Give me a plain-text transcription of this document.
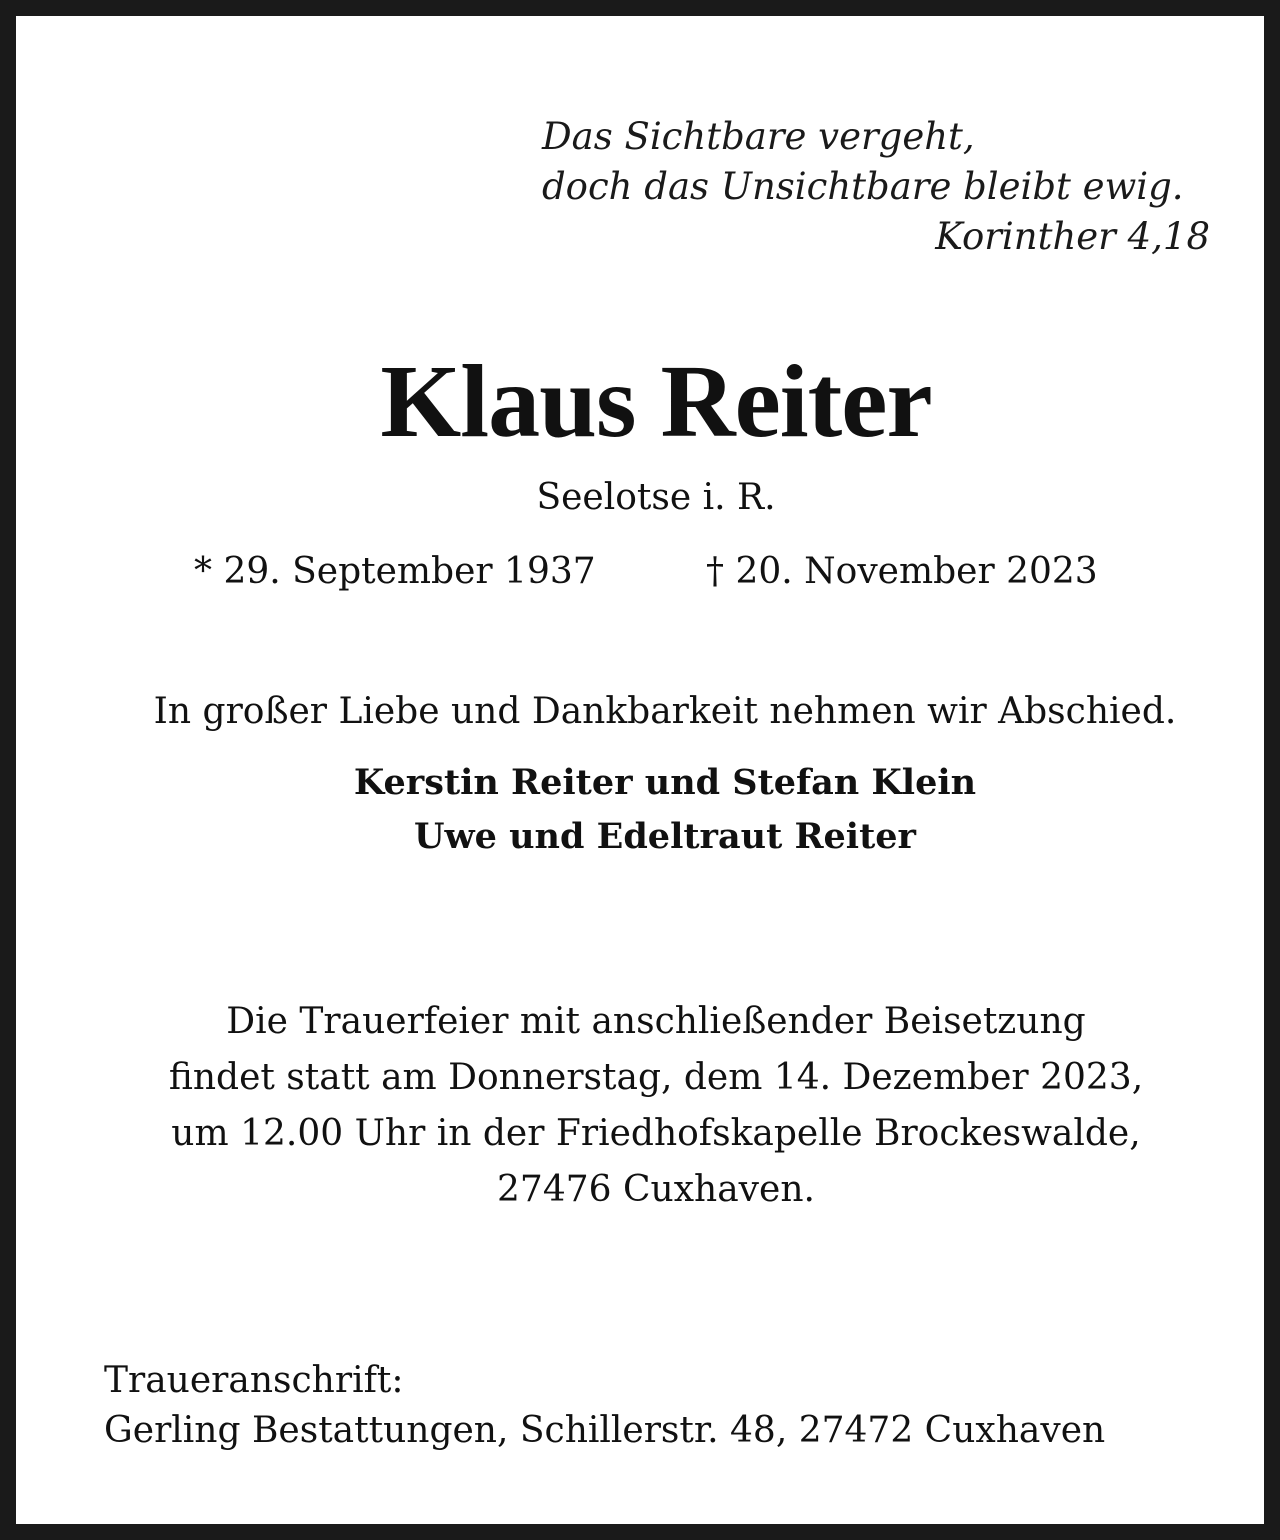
Das Sichtbare vergeht,
doch das Unsichtbare bleibt ewig.
Korinther 4,18
Klaus Reiter
Seelotse i. R.
* 29. September 1937	† 20. November 2023
In großer Liebe und Dankbarkeit nehmen wir Abschied.
Kerstin Reiter und Stefan Klein
Uwe und Edeltraut Reiter
Die Trauerfeier mit anschließender Beisetzung
findet statt am Donnerstag, dem 14. Dezember 2023,
um 12.00 Uhr in der Friedhofskapelle Brockeswalde,
27476 Cuxhaven.
Traueranschrift:
Gerling Bestattungen, Schillerstr. 48, 27472 Cuxhaven
